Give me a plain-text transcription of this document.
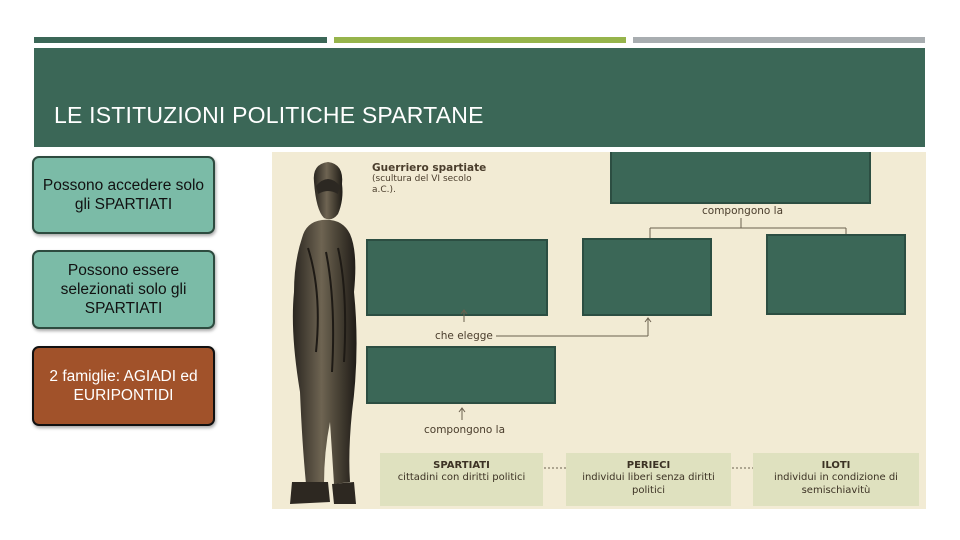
LE ISTITUZIONI POLITICHE SPARTANE
Possono accedere solo gli SPARTIATI
Possono essere selezionati solo gli SPARTIATI
2 famiglie: AGIADI ed EURIPONTIDI
Guerriero spartiate
(scultura del VI secolo a.C.).
compongono la
che elegge
compongono la
SPARTIATI
cittadini con diritti politici
PERIECI
individui liberi senza diritti politici
ILOTI
individui in condizione di semischiavitù
